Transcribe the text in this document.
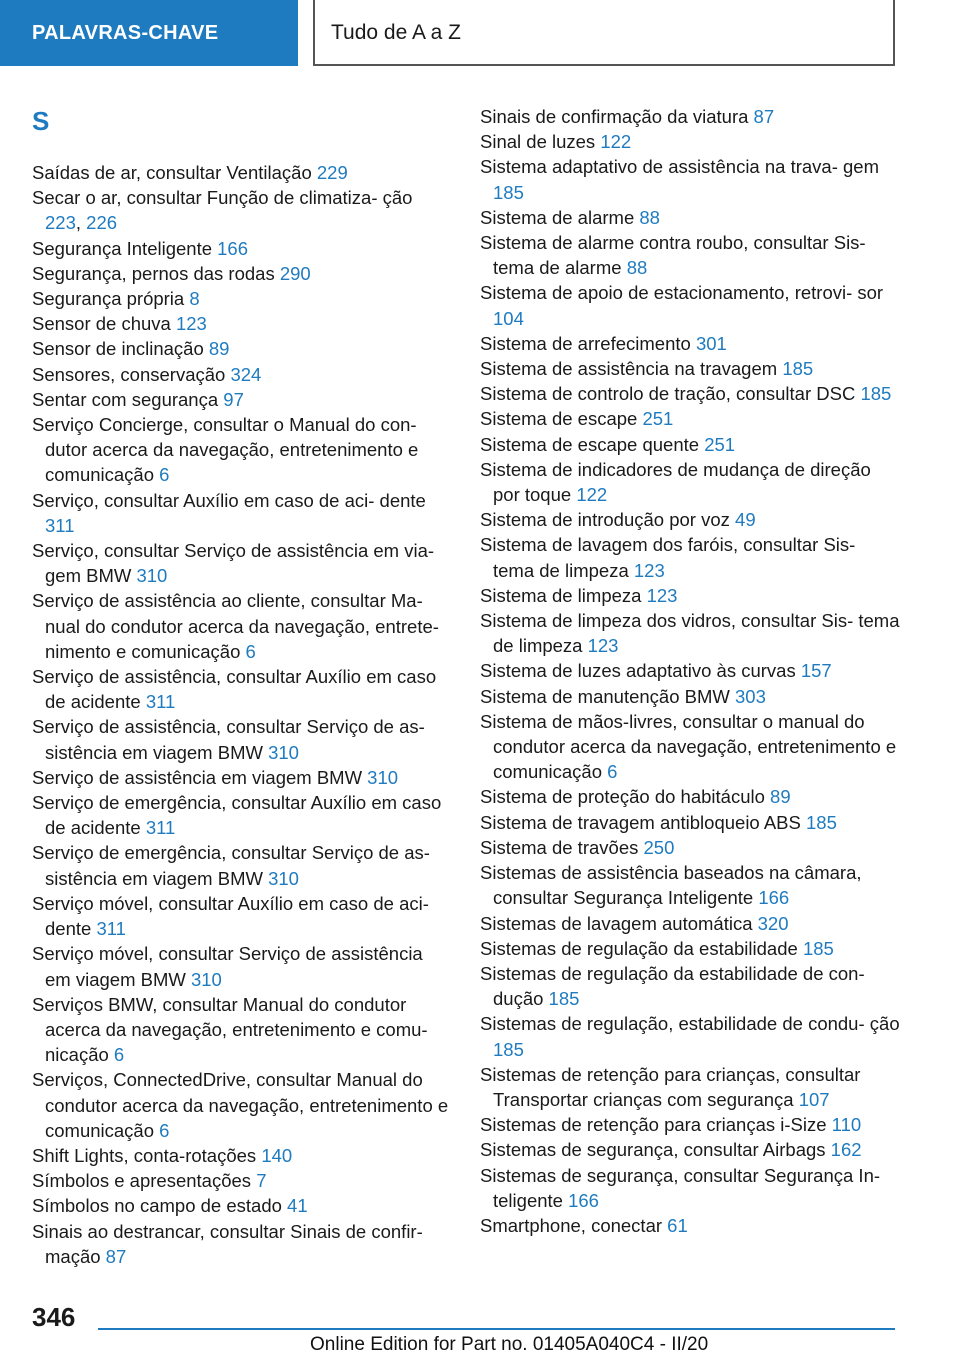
PALAVRAS-CHAVE	Tudo de A a Z
S
Saídas de ar, consultar Ventilação 229
Secar o ar, consultar Função de climatiza‐ ção 223, 226
Segurança Inteligente 166
Segurança, pernos das rodas 290
Segurança própria 8
Sensor de chuva 123
Sensor de inclinação 89
Sensores, conservação 324
Sentar com segurança 97
Serviço Concierge, consultar o Manual do con‐ dutor acerca da navegação, entretenimento e comunicação 6
Serviço, consultar Auxílio em caso de aci‐ dente 311
Serviço, consultar Serviço de assistência em via‐ gem BMW 310
Serviço de assistência ao cliente, consultar Ma‐ nual do condutor acerca da navegação, entrete‐ nimento e comunicação 6
Serviço de assistência, consultar Auxílio em caso de acidente 311
Serviço de assistência, consultar Serviço de as‐ sistência em viagem BMW 310
Serviço de assistência em viagem BMW 310
Serviço de emergência, consultar Auxílio em caso de acidente 311
Serviço de emergência, consultar Serviço de as‐ sistência em viagem BMW 310
Serviço móvel, consultar Auxílio em caso de aci‐ dente 311
Serviço móvel, consultar Serviço de assistência em viagem BMW 310
Serviços BMW, consultar Manual do condutor acerca da navegação, entretenimento e comu‐ nicação 6
Serviços, ConnectedDrive, consultar Manual do condutor acerca da navegação, entretenimento e comunicação 6
Shift Lights, conta-rotações 140
Símbolos e apresentações 7
Símbolos no campo de estado 41
Sinais ao destrancar, consultar Sinais de confir‐ mação 87
Sinais de confirmação da viatura 87
Sinal de luzes 122
Sistema adaptativo de assistência na trava‐ gem 185
Sistema de alarme 88
Sistema de alarme contra roubo, consultar Sis‐ tema de alarme 88
Sistema de apoio de estacionamento, retrovi‐ sor 104
Sistema de arrefecimento 301
Sistema de assistência na travagem 185
Sistema de controlo de tração, consultar DSC 185
Sistema de escape 251
Sistema de escape quente 251
Sistema de indicadores de mudança de direção por toque 122
Sistema de introdução por voz 49
Sistema de lavagem dos faróis, consultar Sis‐ tema de limpeza 123
Sistema de limpeza 123
Sistema de limpeza dos vidros, consultar Sis‐ tema de limpeza 123
Sistema de luzes adaptativo às curvas 157
Sistema de manutenção BMW 303
Sistema de mãos-livres, consultar o manual do condutor acerca da navegação, entretenimento e comunicação 6
Sistema de proteção do habitáculo 89
Sistema de travagem antibloqueio ABS 185
Sistema de travões 250
Sistemas de assistência baseados na câmara, consultar Segurança Inteligente 166
Sistemas de lavagem automática 320
Sistemas de regulação da estabilidade 185
Sistemas de regulação da estabilidade de con‐ dução 185
Sistemas de regulação, estabilidade de condu‐ ção 185
Sistemas de retenção para crianças, consultar Transportar crianças com segurança 107
Sistemas de retenção para crianças i-Size 110
Sistemas de segurança, consultar Airbags 162
Sistemas de segurança, consultar Segurança In‐ teligente 166
Smartphone, conectar 61
346
Online Edition for Part no. 01405A040C4 - II/20
